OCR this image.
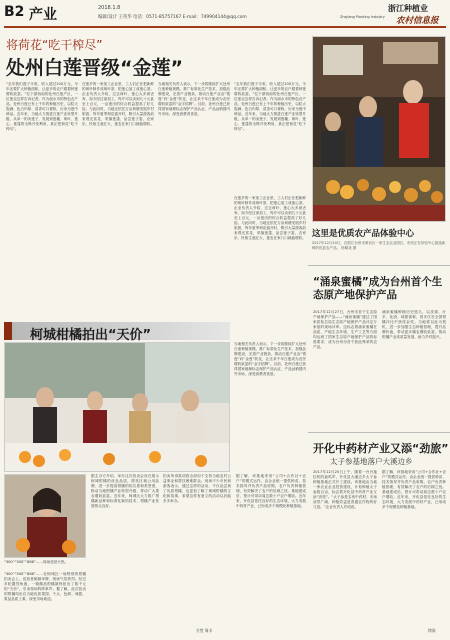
B2 产业	2018.1.8
编辑/设计 王英华 电话：0571-85757167 E-mail：749904144@qq.com
浙江种植业
Zhejiang Planting Industry	农村信息报
将荷花“吃干榨尽”
处州白莲晋级“金莲”
“去年我们莲子丰收，收入超过100万元，今年还要扩大种植面积，让更多的农户跟着种莲增收致富。”位于浙西南的处州白莲产区，一位莲农这样告诉记者。作为丽水市的特色农产品，处州白莲已有上千年的种植历史，以粒大饱满、色白肉厚、清香可口著称，历来为莲中珍品。近年来，当地大力推进白莲产业转型升级，从单一的卖莲子，发展到莲藕、荷叶、莲心、莲蓬的全株开发利用，真正把荷花“吃干榨尽”。
在莲乡的一家加工企业里，工人们正在把新鲜的荷叶制作成荷叶茶，把莲心加工成莲心茶。企业负责人介绍，过去荷叶、莲心大多被丢弃，如今经过深加工，每斤可以卖到几十元甚至上百元，一亩莲田的综合收益提高了好几倍。与此同时，当地还依托万亩荷塘发展乡村旅游，每年夏季荷花盛开时，吸引大量游客前来观光赏花、采摘莲蓬、品尝莲子宴，农家乐、民宿生意红火，莲农在家门口就能增收。
当地相关负责人表示，下一步将继续扩大处州白莲种植规模，推广标准化生产技术，加强品牌建设，完善产业链条，推动白莲产业由“银莲”向“金莲”转变，让这朵千年白莲成为农民增收致富的“金字招牌”。目前，处州白莲已获得国家地理标志保护产品认证，产品远销国内外市场，深受消费者喜爱。
“去年我们莲子丰收，收入超过100万元，今年还要扩大种植面积，让更多的农户跟着种莲增收致富。”位于浙西南的处州白莲产区，一位莲农这样告诉记者。作为丽水市的特色农产品，处州白莲已有上千年的种植历史，以粒大饱满、色白肉厚、清香可口著称，历来为莲中珍品。近年来，当地大力推进白莲产业转型升级，从单一的卖莲子，发展到莲藕、荷叶、莲心、莲蓬的全株开发利用，真正把荷花“吃干榨尽”。
这里是优质农产品体验中心
2017年12月20日，在浙江台州市黄岩区一家生态农业园区，市民正在体验中心挑选新鲜的优质农产品。 杨佩尧 摄
“涌泉蜜橘”成为台州首个生态原产地保护产品
2017年12月27日，台州市首个生态原产地保护产品——“涌泉蜜橘”通过了国家质检总局生态原产地保护产品评定专家组的现场评审。这标志着涌泉蜜橘在品质、产地生态环境、生产工艺等方面均达到了国家生态原产地保护产品的标准要求，成为台州市首个获此殊荣的农产品。
涌泉蜜橘种植历史悠久，以皮薄、汁多、化渣、味甜著称，曾多次在全国柑橘评比中获得金奖。当地将以此为契机，进一步加强生态种植管理，提升品牌价值，带动更多橘农增收致富，推动柑橘产业高质量发展，助力乡村振兴。
柯城柑橘拍出“天价”
“300”“500”“888”……现场竞拍火热。
“300”“500”“888”……在柯城区一场特别的柑橘拍卖会上，竞拍者频频举牌，现场气氛热烈。经过多轮激烈角逐，一箱精品柑橘最终拍出了数千元的“天价”，引来现场阵阵掌声。据了解，此次拍卖的柑橘均出自当地优质果园，个大、色鲜、味甜，果品品质上乘，深受市场欢迎。
据主办方介绍，举办这次拍卖会旨在展示柯城柑橘的优良品质，擦亮区域公用品牌，进一步提高柑橘的知名度和美誉度，推动当地柑橘产业转型升级，带动广大果农增收致富。近年来，柯城区大力推广柑橘新品种和标准化栽培技术，柑橘产业发展势头良好。
拍卖所得款项将全部用于支持当地农村公益事业和帮扶困难群众。现场不少市民和游客表示，通过这样的活动，不仅品尝到了优质柑橘，也更加了解了柯城柑橘的文化和故事，希望这样有意义的活动以后能多多举办。
方堂 周丰
在莲乡的一家加工企业里，工人们正在把新鲜的荷叶制作成荷叶茶，把莲心加工成莲心茶。企业负责人介绍，过去荷叶、莲心大多被丢弃，如今经过深加工，每斤可以卖到几十元甚至上百元，一亩莲田的综合收益提高了好几倍。与此同时，当地还依托万亩荷塘发展乡村旅游，每年夏季荷花盛开时，吸引大量游客前来观光赏花、采摘莲蓬、品尝莲子宴，农家乐、民宿生意红火，莲农在家门口就能增收。
当地相关负责人表示，下一步将继续扩大处州白莲种植规模，推广标准化生产技术，加强品牌建设，完善产业链条，推动白莲产业由“银莲”向“金莲”转变，让这朵千年白莲成为农民增收致富的“金字招牌”。目前，处州白莲已获得国家地理标志保护产品认证，产品远销国内外市场，深受消费者喜爱。
据了解，该基地采用“公司+合作社+农户”的模式运作，由企业统一提供种苗、技术指导并负责产品收购，农户负责种植管理，有效解决了农户的后顾之忧。基地建成后，预计可带动周边数十户农户增收。近年来，开化县依托良好的生态环境，大力发展中药材产业，已形成多个规模化种植基地。
开化中药材产业又添“劲旅”
太子参基地落户大溪边乡
2017年12月25日上午，随着一台台拖拉机的轰鸣声，开化县大溪边乡太子参种植基地正式开工建设。该基地由当地一家农业企业投资建设，计划种植太子参数百亩，标志着开化县中药材产业又添“劲旅”。“太子参是名贵中药材，市场前景广阔，种植效益是普通农作物的好几倍。”企业负责人介绍说。
据了解，该基地采用“公司+合作社+农户”的模式运作，由企业统一提供种苗、技术指导并负责产品收购，农户负责种植管理，有效解决了农户的后顾之忧。基地建成后，预计可带动周边数十户农户增收。近年来，开化县依托良好的生态环境，大力发展中药材产业，已形成多个规模化种植基地。
徐涛
